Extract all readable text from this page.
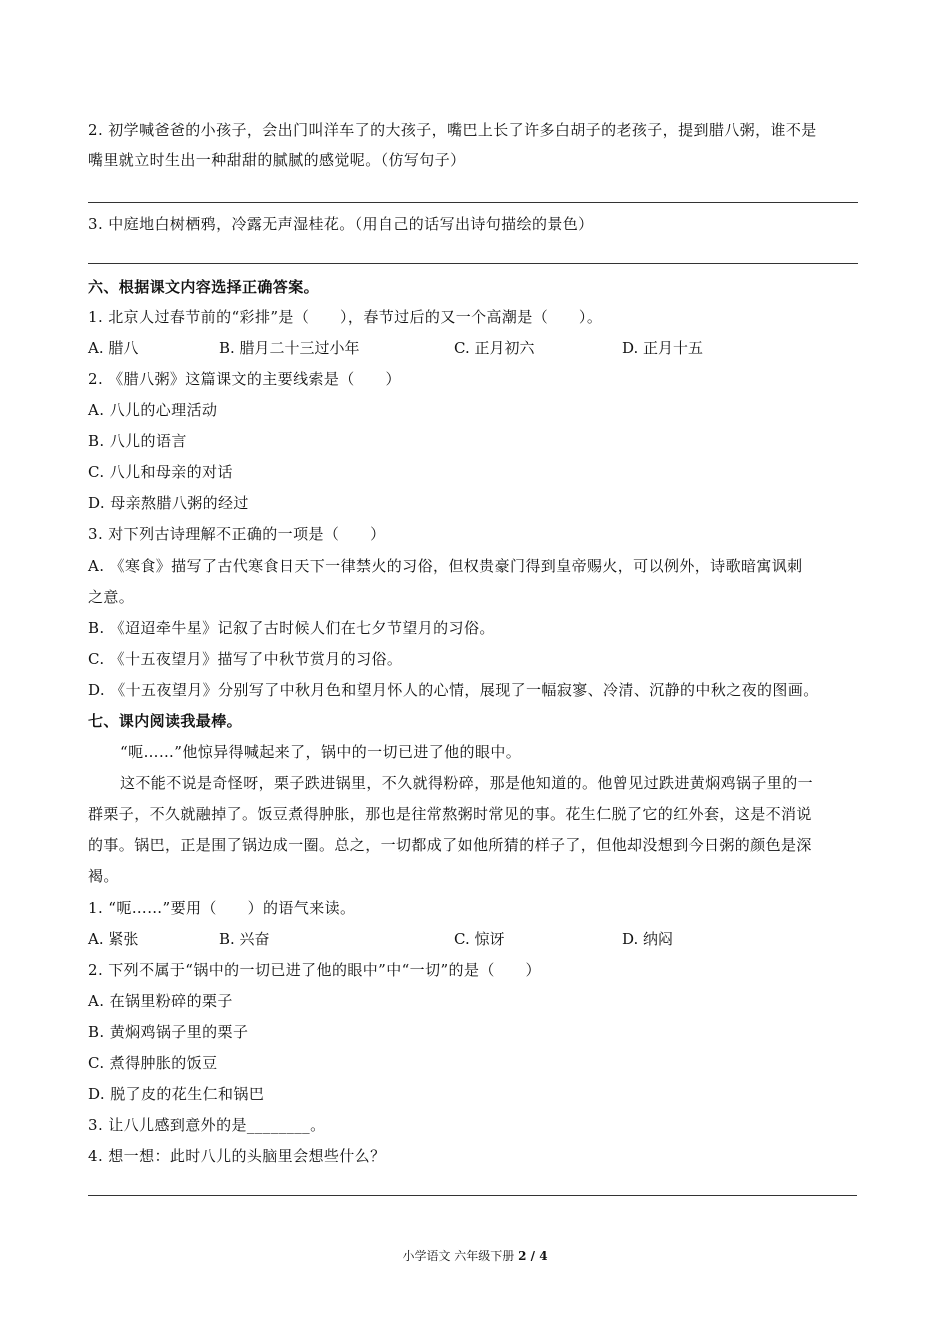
2. 初学喊爸爸的小孩子，会出门叫洋车了的大孩子，嘴巴上长了许多白胡子的老孩子，提到腊八粥，谁不是
嘴里就立时生出一种甜甜的腻腻的感觉呢。（仿写句子）
3. 中庭地白树栖鸦，冷露无声湿桂花。（用自己的话写出诗句描绘的景色）
六、根据课文内容选择正确答案。
1. 北京人过春节前的“彩排”是（　　），春节过后的又一个高潮是（　　）。
A. 腊八	B. 腊月二十三过小年	C. 正月初六	D. 正月十五
2. 《腊八粥》这篇课文的主要线索是（　　）
A. 八儿的心理活动
B. 八儿的语言
C. 八儿和母亲的对话
D. 母亲熬腊八粥的经过
3. 对下列古诗理解不正确的一项是（　　）
A. 《寒食》描写了古代寒食日天下一律禁火的习俗，但权贵豪门得到皇帝赐火，可以例外，诗歌暗寓讽刺
之意。
B. 《迢迢牵牛星》记叙了古时候人们在七夕节望月的习俗。
C. 《十五夜望月》描写了中秋节赏月的习俗。
D. 《十五夜望月》分别写了中秋月色和望月怀人的心情，展现了一幅寂寥、冷清、沉静的中秋之夜的图画。
七、课内阅读我最棒。
“呃……”他惊异得喊起来了，锅中的一切已进了他的眼中。
这不能不说是奇怪呀，栗子跌进锅里，不久就得粉碎，那是他知道的。他曾见过跌进黄焖鸡锅子里的一
群栗子，不久就融掉了。饭豆煮得肿胀，那也是往常熬粥时常见的事。花生仁脱了它的红外套，这是不消说
的事。锅巴，正是围了锅边成一圈。总之，一切都成了如他所猜的样子了，但他却没想到今日粥的颜色是深
褐。
1. “呃……”要用（　　）的语气来读。
A. 紧张	B. 兴奋	C. 惊讶	D. 纳闷
2. 下列不属于“锅中的一切已进了他的眼中”中“一切”的是（　　）
A. 在锅里粉碎的栗子
B. 黄焖鸡锅子里的栗子
C. 煮得肿胀的饭豆
D. 脱了皮的花生仁和锅巴
3. 让八儿感到意外的是________。
4. 想一想：此时八儿的头脑里会想些什么？
小学语文 六年级下册 2 / 4
